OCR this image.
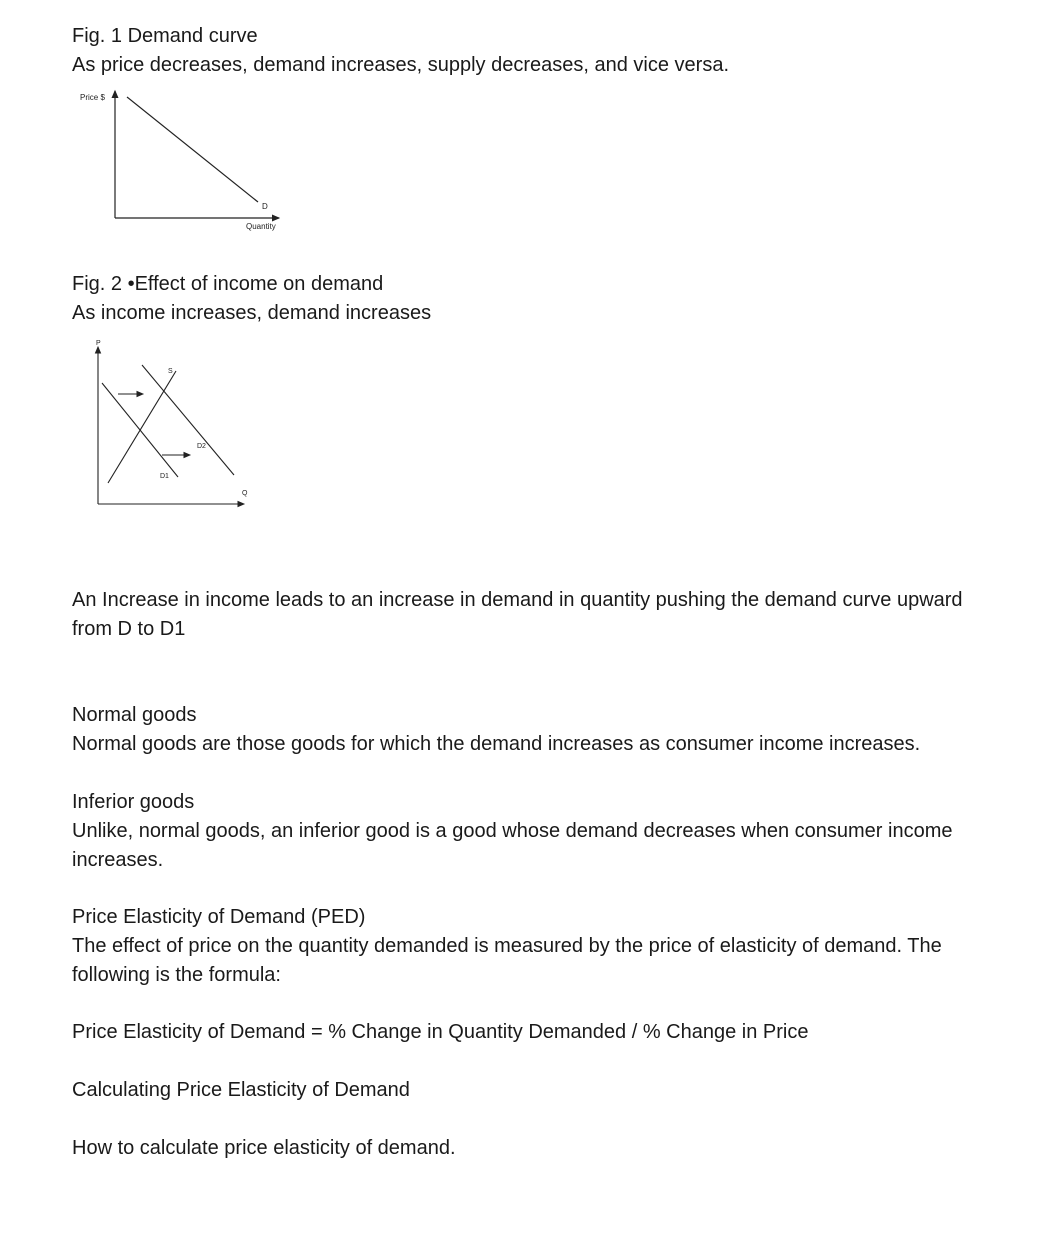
Fig. 1 Demand curve

As price decreases, demand increases, supply decreases, and vice versa.

Price $
D
Quantity

Fig. 2 •Effect of income on demand

As income increases, demand increases

P
S
D1
D2
Q

An Increase in income leads to an increase in demand in quantity pushing the demand curve upward from D to D1

Normal goods

Normal goods are those goods for which the demand increases as consumer income increases.

Inferior goods

Unlike, normal goods, an inferior good is a good whose demand decreases when consumer income increases.

Price Elasticity of Demand (PED)

The effect of price on the quantity demanded is measured by the price of elasticity of demand. The following is the formula:

Price Elasticity of Demand = % Change in Quantity Demanded / % Change in Price

Calculating Price Elasticity of Demand

How to calculate price elasticity of demand.
